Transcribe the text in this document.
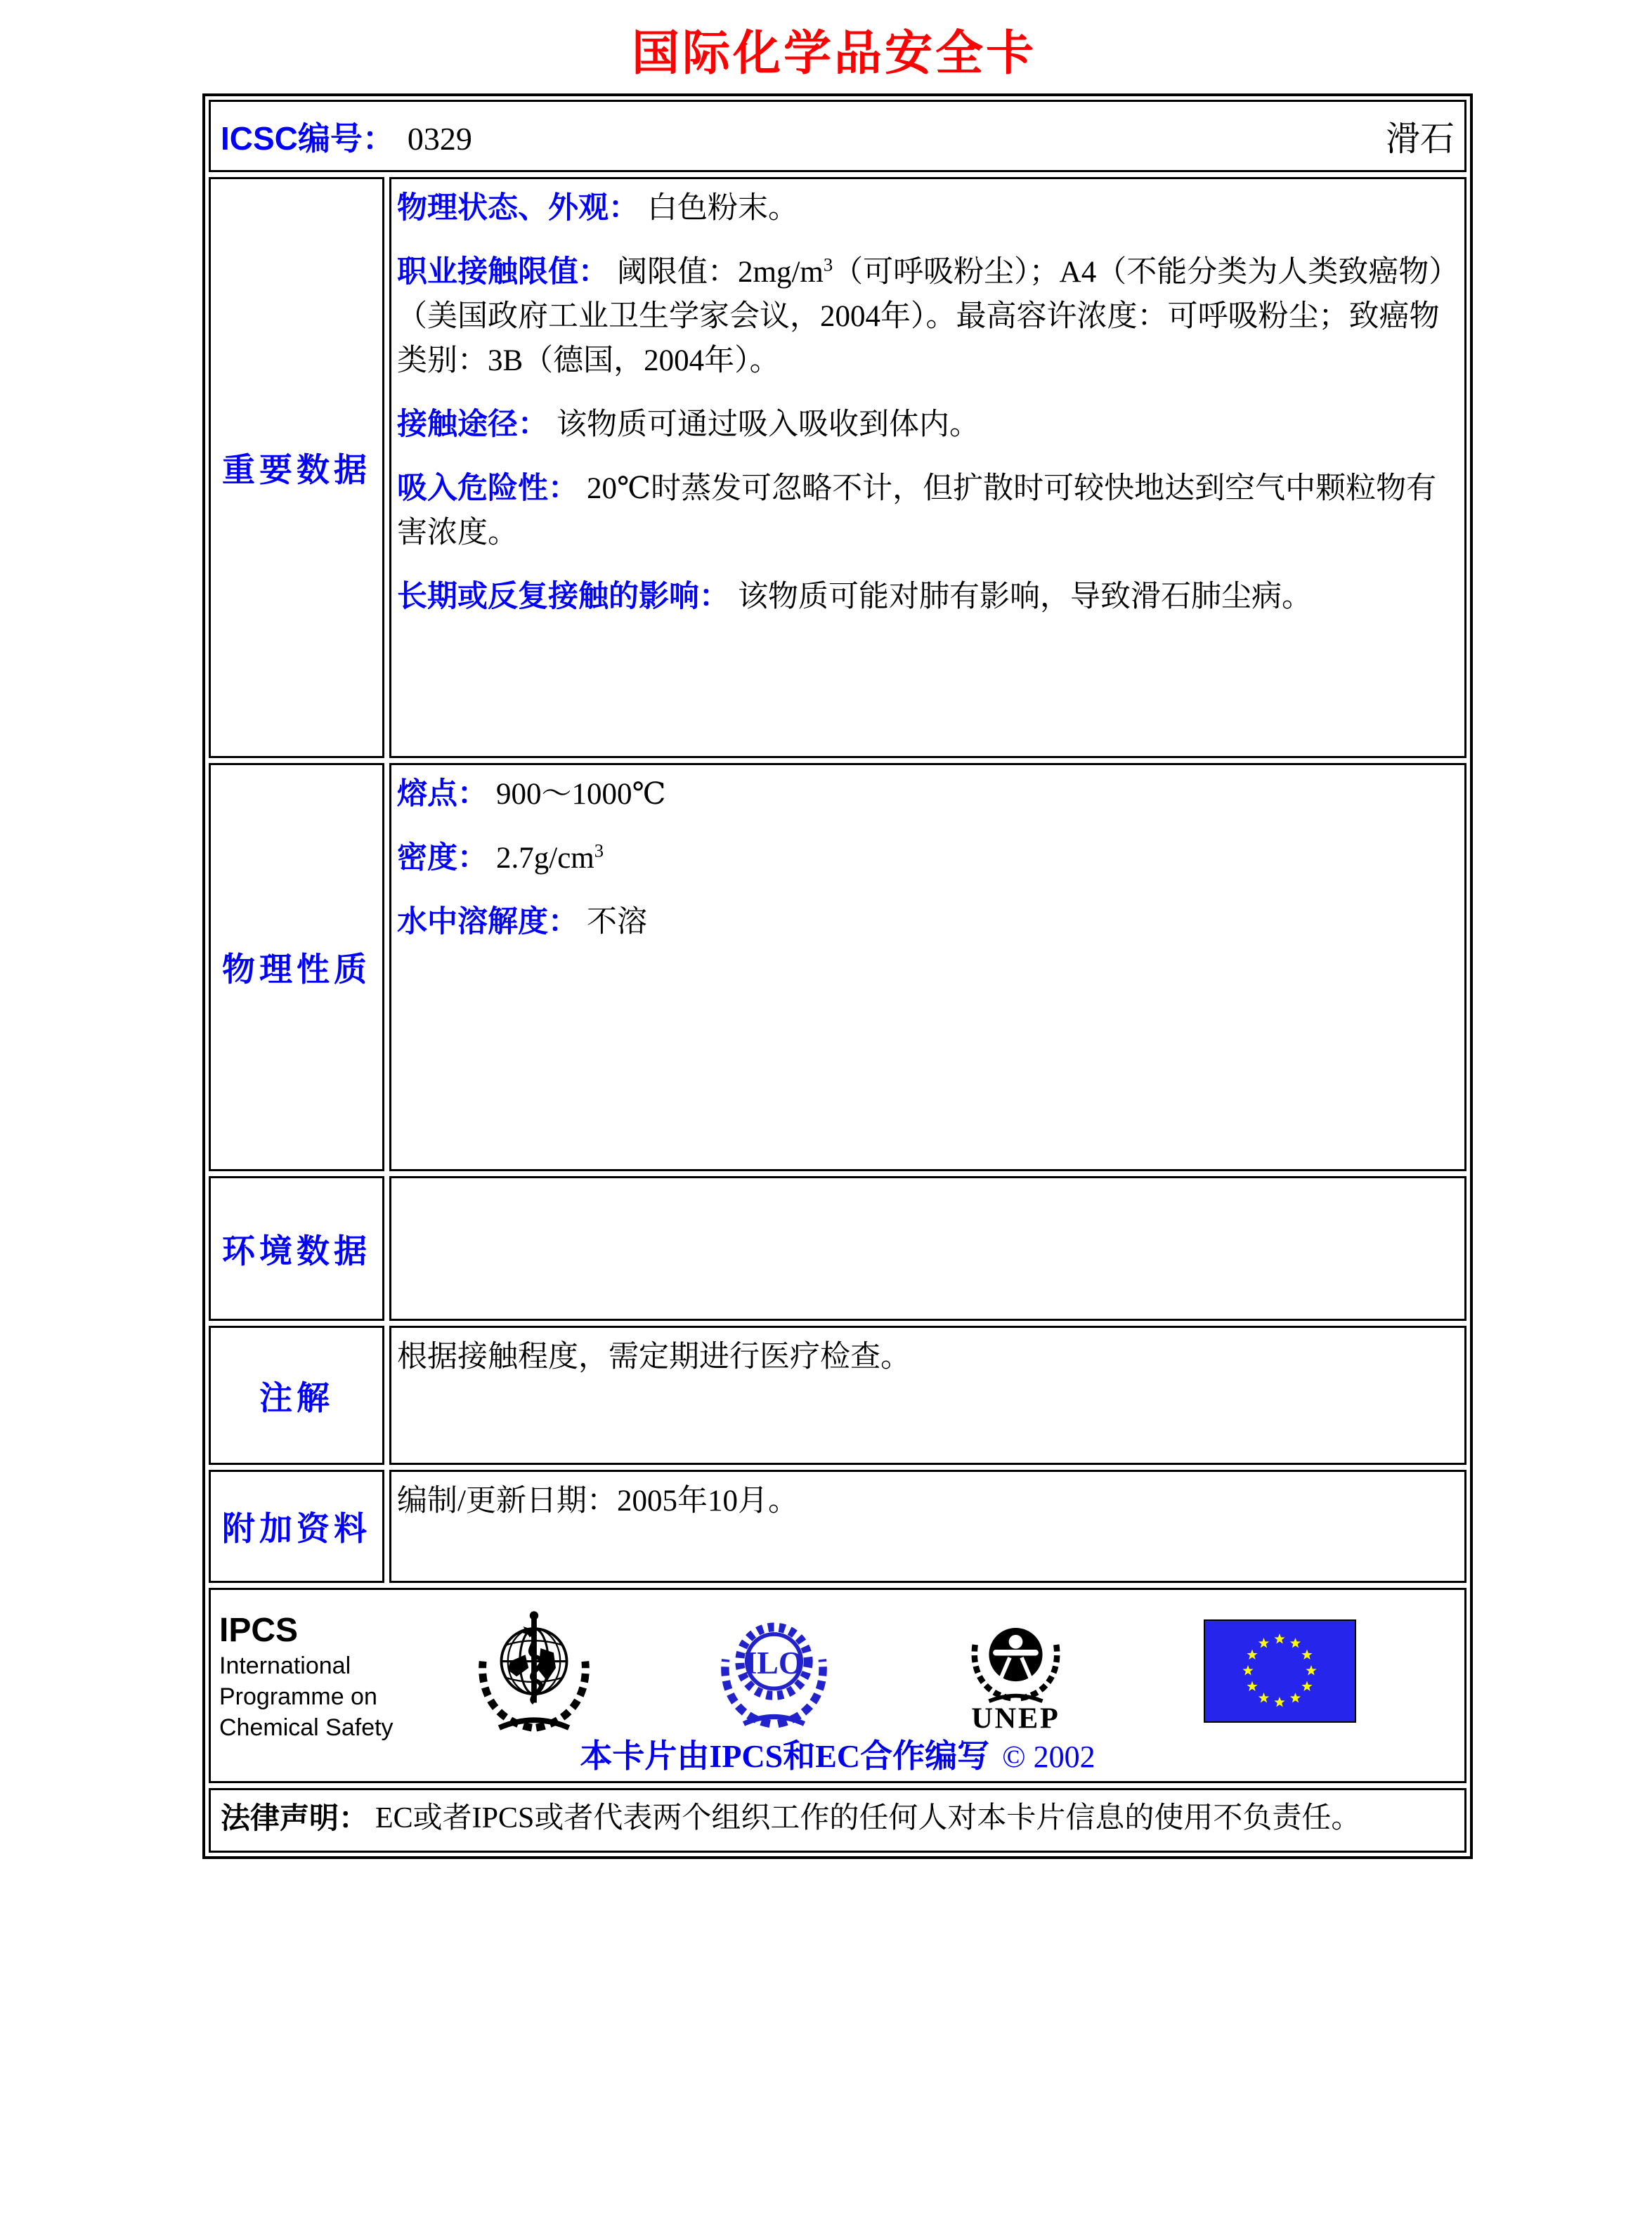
国际化学品安全卡
ICSC编号： 0329	滑石
重要数据

物理状态、外观： 白色粉末。

职业接触限值： 阈限值：$2mg/m^3$（可呼吸粉尘）；A4（不能分类为人类致癌物）（美国政府工业卫生学家会议，2004年）。最高容许浓度：可呼吸粉尘；致癌物类别：3B（德国，2004年）。

接触途径： 该物质可通过吸入吸收到体内。

吸入危险性： 20℃时蒸发可忽略不计，但扩散时可较快地达到空气中颗粒物有害浓度。

长期或反复接触的影响： 该物质可能对肺有影响，导致滑石肺尘病。

物理性质

熔点： 900～1000℃

密度： $2.7g/cm^3$

水中溶解度： 不溶

环境数据
注解
根据接触程度，需定期进行医疗检查。
附加资料
编制/更新日期：2005年10月。
IPCS
International
Programme on
Chemical Safety
ILO
UNEP
本卡片由IPCS和EC合作编写 © 2002
法律声明： EC或者IPCS或者代表两个组织工作的任何人对本卡片信息的使用不负责任。
